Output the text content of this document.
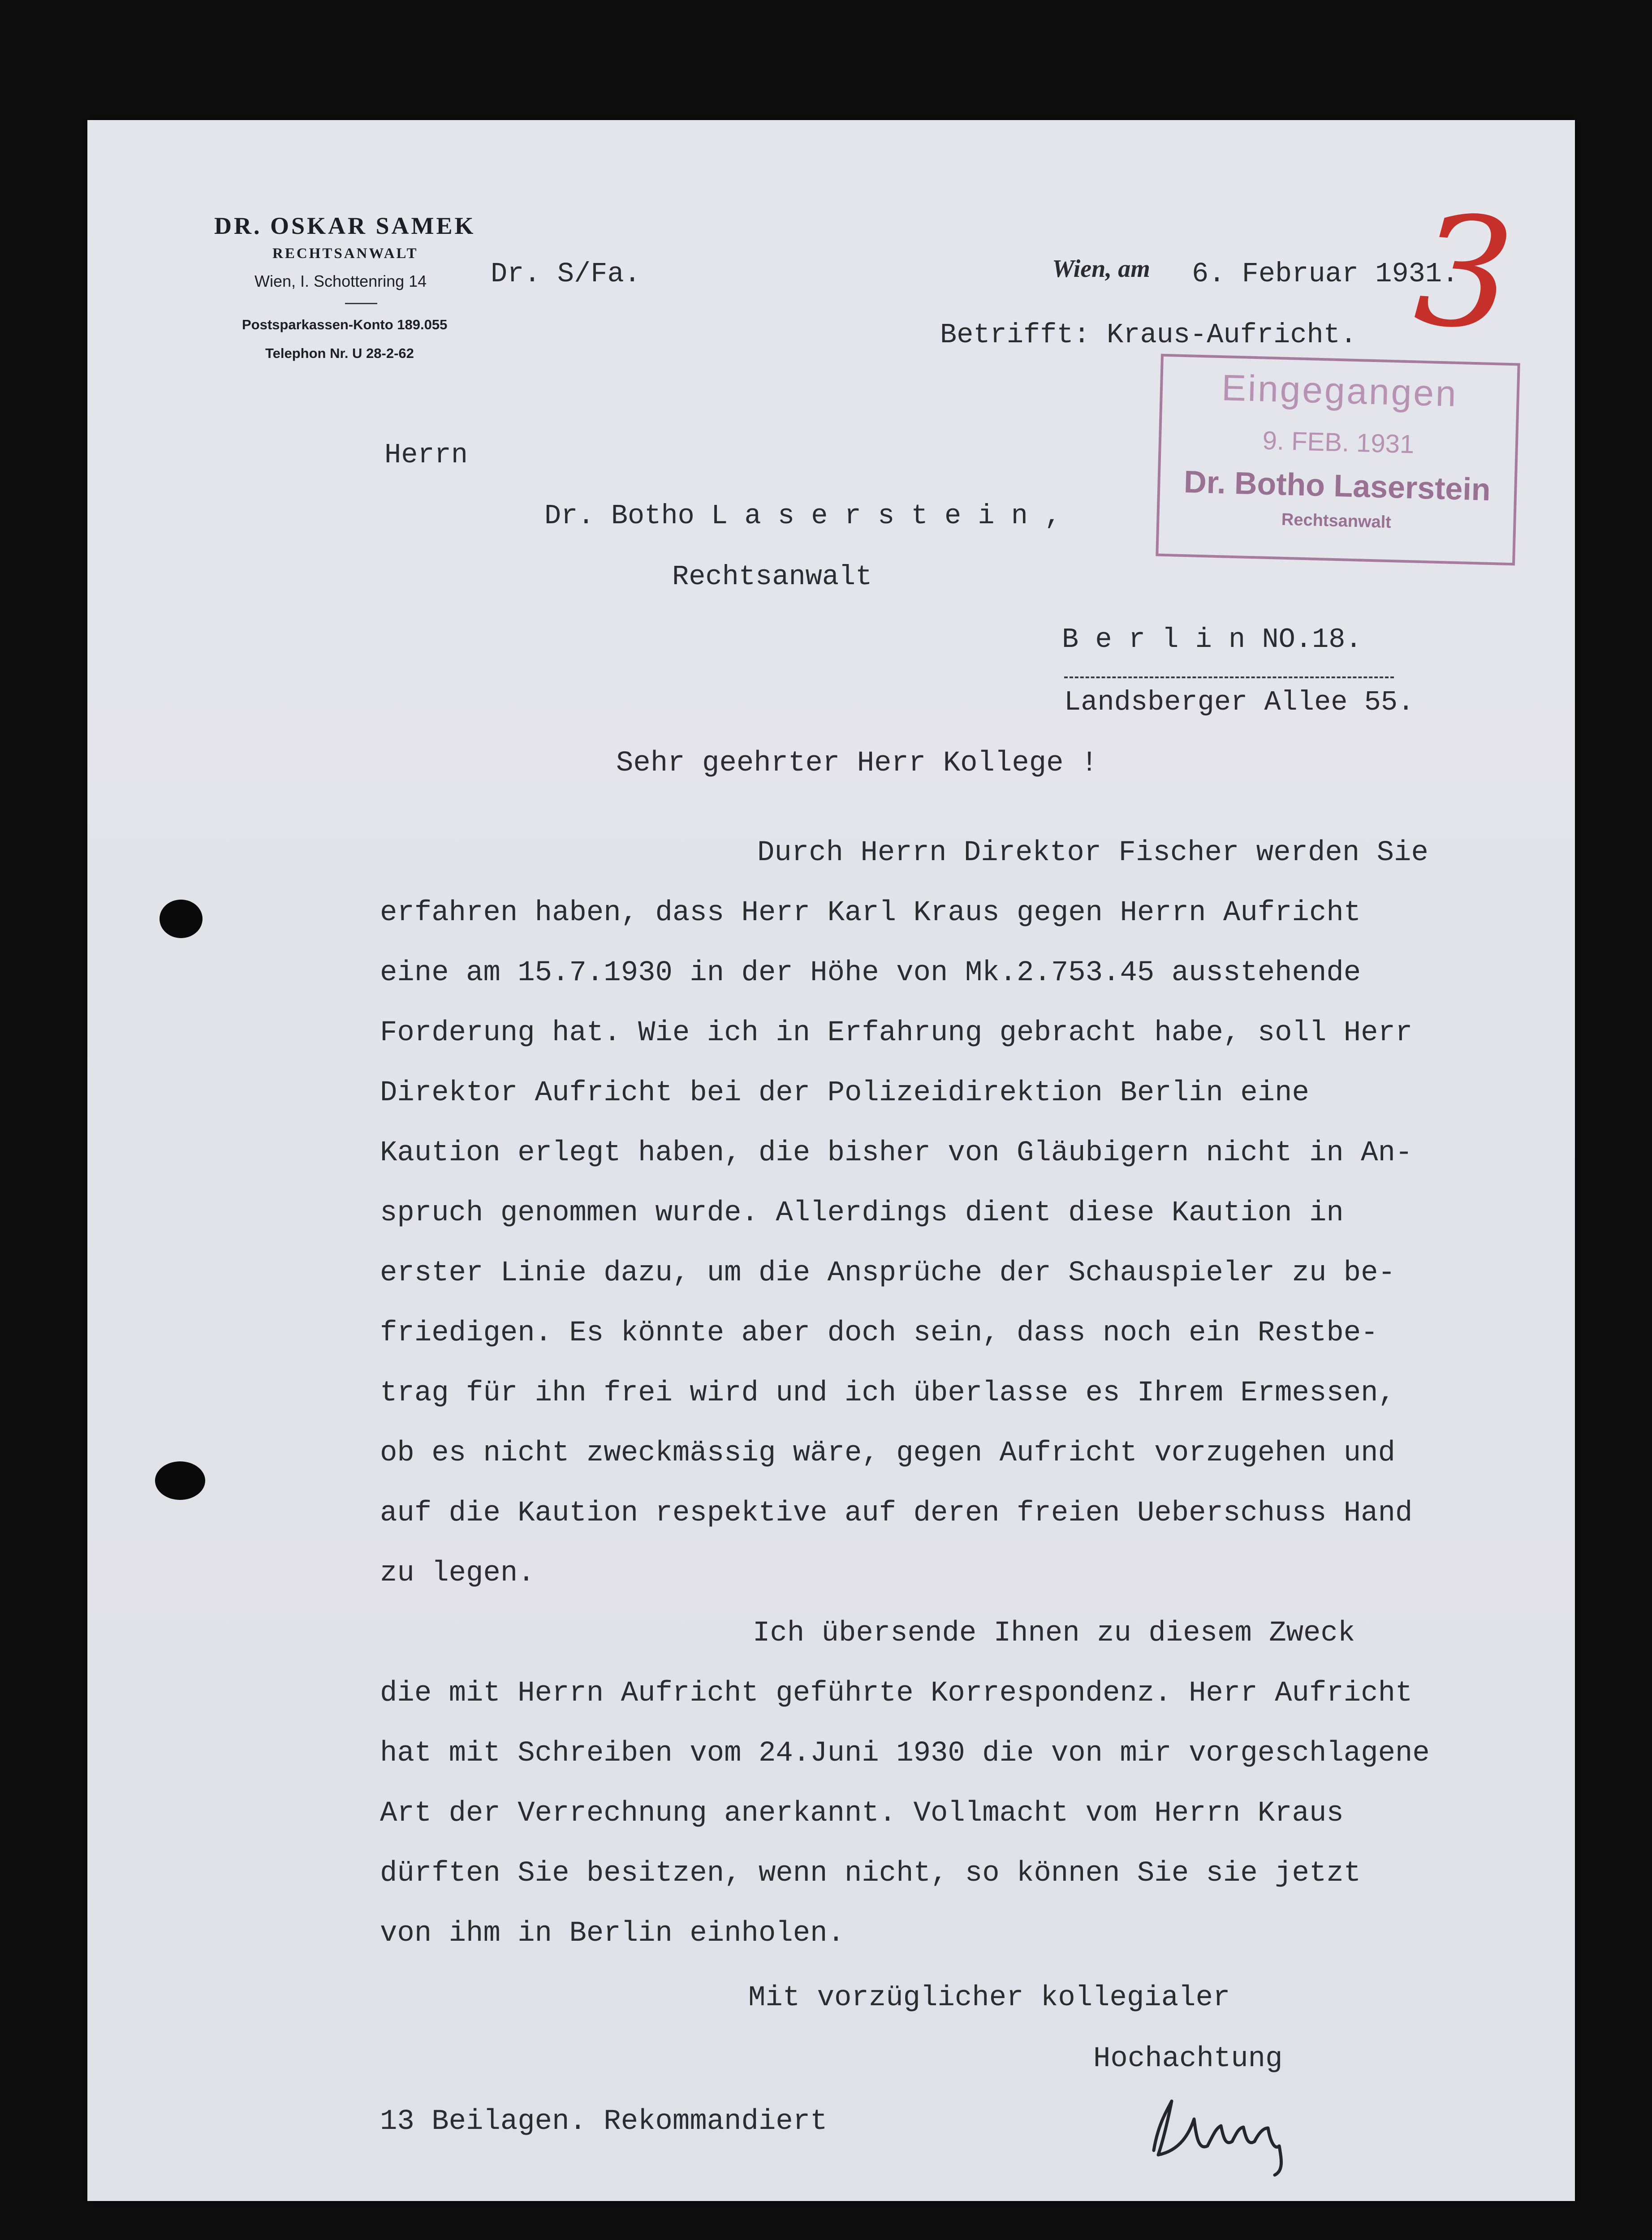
DR. OSKAR SAMEK
RECHTSANWALT
Wien, I. Schottenring 14
Postsparkassen-Konto 189.055
Telephon Nr. U 28-2-62
Dr. S/Fa.	Wien, am 6. Februar 1931.
Betrifft: Kraus-Aufricht. 3
Eingegangen
9. FEB. 1931
Dr. Botho Laserstein
Rechtsanwalt
Herrn
Dr. Botho L a s e r s t e i n ,
Rechtsanwalt
B e r l i n NO.18.
Landsberger Allee 55.
Sehr geehrter Herr Kollege !
Durch Herrn Direktor Fischer werden Sie
erfahren haben, dass Herr Karl Kraus gegen Herrn Aufricht
eine am 15.7.1930 in der Höhe von Mk.2.753.45 ausstehende
Forderung hat. Wie ich in Erfahrung gebracht habe, soll Herr
Direktor Aufricht bei der Polizeidirektion Berlin eine
Kaution erlegt haben, die bisher von Gläubigern nicht in An-
spruch genommen wurde. Allerdings dient diese Kaution in
erster Linie dazu, um die Ansprüche der Schauspieler zu be-
friedigen. Es könnte aber doch sein, dass noch ein Restbe-
trag für ihn frei wird und ich überlasse es Ihrem Ermessen,
ob es nicht zweckmässig wäre, gegen Aufricht vorzugehen und
auf die Kaution respektive auf deren freien Ueberschuss Hand
zu legen.
Ich übersende Ihnen zu diesem Zweck
die mit Herrn Aufricht geführte Korrespondenz. Herr Aufricht
hat mit Schreiben vom 24.Juni 1930 die von mir vorgeschlagene
Art der Verrechnung anerkannt. Vollmacht vom Herrn Kraus
dürften Sie besitzen, wenn nicht, so können Sie sie jetzt
von ihm in Berlin einholen.
Mit vorzüglicher kollegialer
Hochachtung
13 Beilagen. Rekommandiert
